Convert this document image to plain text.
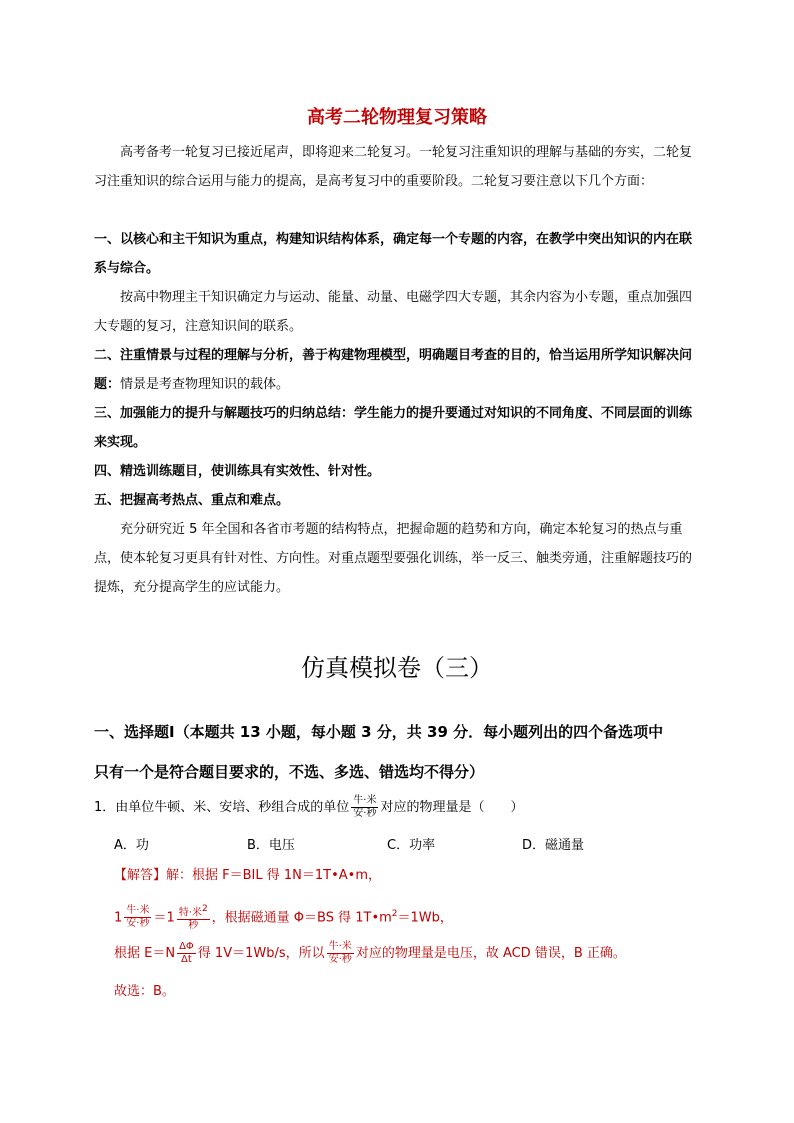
高考二轮物理复习策略
高考备考一轮复习已接近尾声，即将迎来二轮复习。一轮复习注重知识的理解与基础的夯实，二轮复习注重知识的综合运用与能力的提高，是高考复习中的重要阶段。二轮复习要注意以下几个方面：
一、以核心和主干知识为重点，构建知识结构体系，确定每一个专题的内容，在教学中突出知识的内在联系与综合。
按高中物理主干知识确定力与运动、能量、动量、电磁学四大专题，其余内容为小专题，重点加强四大专题的复习，注意知识间的联系。
二、注重情景与过程的理解与分析，善于构建物理模型，明确题目考查的目的，恰当运用所学知识解决问题：情景是考查物理知识的载体。
三、加强能力的提升与解题技巧的归纳总结：学生能力的提升要通过对知识的不同角度、不同层面的训练来实现。
四、精选训练题目，使训练具有实效性、针对性。
五、把握高考热点、重点和难点。
充分研究近 5 年全国和各省市考题的结构特点，把握命题的趋势和方向，确定本轮复习的热点与重点，使本轮复习更具有针对性、方向性。对重点题型要强化训练，举一反三、触类旁通，注重解题技巧的提炼，充分提高学生的应试能力。
仿真模拟卷（三）
一、选择题Ⅰ（本题共 13 小题，每小题 3 分，共 39 分．每小题列出的四个备选项中
只有一个是符合题目要求的，不选、多选、错选均不得分）
1．由单位牛顿、米、安培、秒组合成的单位 $\frac{\text{牛·米}}{\text{安·秒}}$ 对应的物理量是（　　）
A．功	B．电压	C．功率	D．磁通量
【解答】解：根据 F＝BIL 得 1N＝1T•A•m，
$1 \frac{\text{牛·米}}{\text{安·秒}} =1 \frac{特\cdot 米^2}{\text{秒}}$ ，根据磁通量 Φ＝BS 得 $1T•m^2=1Wb$，
根据 $E=N \frac{\Delta\Phi}{\Delta t}$ 得 1V＝1Wb/s，所以 $\frac{\text{牛·米}}{\text{安·秒}}$ 对应的物理量是电压，故 ACD 错误，B 正确。
故选：B。
